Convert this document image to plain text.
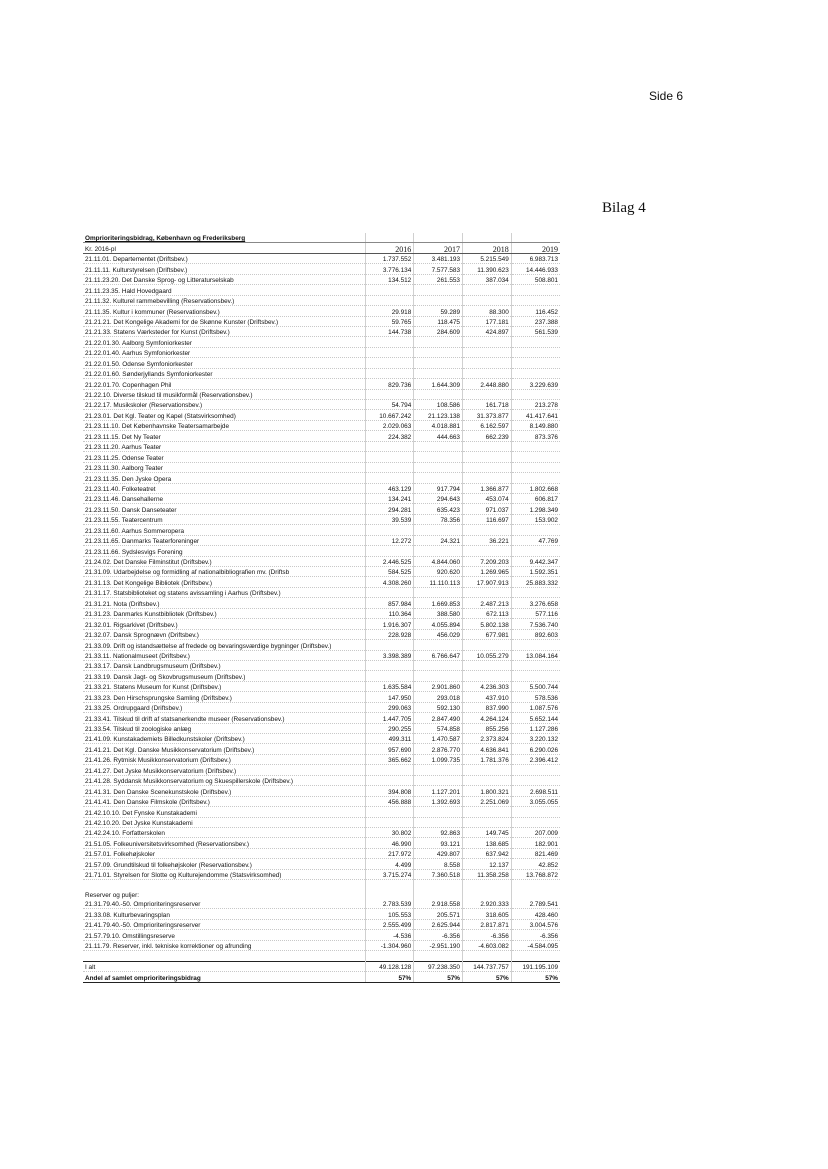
Side 6
Bilag 4
Omprioriteringsbidrag, København og Frederiksberg				
Kr. 2016-pl	2016	2017	2018	2019
21.11.01. Departementet (Driftsbev.)	1.737.552	3.481.193	5.215.549	6.983.713
21.11.11. Kulturstyrelsen (Driftsbev.)	3.776.134	7.577.583	11.390.623	14.446.933
21.11.23.20. Det Danske Sprog- og Litteraturselskab	134.512	261.553	387.034	508.801
21.11.23.35. Hald Hovedgaard				
21.11.32. Kulturel rammebevilling (Reservationsbev.)				
21.11.35. Kultur i kommuner (Reservationsbev.)	29.918	59.289	88.300	116.452
21.21.21. Det Kongelige Akademi for de Skønne Kunster (Driftsbev.)	59.765	118.475	177.181	237.388
21.21.33. Statens Værksteder for Kunst (Driftsbev.)	144.738	284.609	424.897	561.539
21.22.01.30. Aalborg Symfoniorkester				
21.22.01.40. Aarhus Symfoniorkester				
21.22.01.50. Odense Symfoniorkester				
21.22.01.60. Sønderjyllands Symfoniorkester				
21.22.01.70. Copenhagen Phil	829.736	1.644.309	2.448.880	3.229.639
21.22.10. Diverse tilskud til musikformål (Reservationsbev.)				
21.22.17. Musikskoler (Reservationsbev.)	54.794	108.586	161.718	213.278
21.23.01. Det Kgl. Teater og Kapel (Statsvirksomhed)	10.667.242	21.123.138	31.373.877	41.417.641
21.23.11.10. Det Københavnske Teatersamarbejde	2.029.063	4.018.881	6.162.597	8.149.880
21.23.11.15. Det Ny Teater	224.382	444.663	662.239	873.376
21.23.11.20. Aarhus Teater				
21.23.11.25. Odense Teater				
21.23.11.30. Aalborg Teater				
21.23.11.35. Den Jyske Opera				
21.23.11.40. Folketeatret	463.129	917.794	1.366.877	1.802.668
21.23.11.46. Dansehallerne	134.241	294.643	453.074	606.817
21.23.11.50. Dansk Danseteater	294.281	635.423	971.037	1.298.349
21.23.11.55. Teatercentrum	39.539	78.356	116.697	153.902
21.23.11.60. Aarhus Sommeropera				
21.23.11.65. Danmarks Teaterforeninger	12.272	24.321	36.221	47.769
21.23.11.66. Sydslesvigs Forening				
21.24.02. Det Danske Filminstitut (Driftsbev.)	2.446.525	4.844.060	7.209.203	9.442.347
21.31.09. Udarbejdelse og formidling af nationalbibliografien mv. (Driftsb	584.525	920.620	1.269.965	1.592.351
21.31.13. Det Kongelige Bibliotek (Driftsbev.)	4.308.260	11.110.113	17.907.913	25.883.332
21.31.17. Statsbiblioteket og statens avissamling i Aarhus (Driftsbev.)				
21.31.21. Nota (Driftsbev.)	857.984	1.669.853	2.487.213	3.276.658
21.31.23. Danmarks Kunstbibliotek (Driftsbev.)	110.364	388.580	672.113	577.116
21.32.01. Rigsarkivet (Driftsbev.)	1.916.307	4.055.894	5.802.138	7.536.740
21.32.07. Dansk Sprognævn (Driftsbev.)	228.928	456.029	677.981	892.603
21.33.09. Drift og istandsættelse af fredede og bevaringsværdige bygninger (Driftsbev.)				
21.33.11. Nationalmuseet (Driftsbev.)	3.398.389	6.766.647	10.055.279	13.084.164
21.33.17. Dansk Landbrugsmuseum (Driftsbev.)				
21.33.19. Dansk Jagt- og Skovbrugsmuseum (Driftsbev.)				
21.33.21. Statens Museum for Kunst (Driftsbev.)	1.635.584	2.901.860	4.236.303	5.500.744
21.33.23. Den Hirschsprungske Samling (Driftsbev.)	147.950	293.018	437.910	578.536
21.33.25. Ordrupgaard (Driftsbev.)	299.063	592.130	837.990	1.087.576
21.33.41. Tilskud til drift af statsanerkendte museer (Reservationsbev.)	1.447.705	2.847.490	4.264.124	5.652.144
21.33.54. Tilskud til zoologiske anlæg	290.255	574.858	855.256	1.127.286
21.41.09. Kunstakademiets Billedkunstskoler (Driftsbev.)	499.311	1.470.587	2.373.824	3.220.132
21.41.21. Det Kgl. Danske Musikkonservatorium (Driftsbev.)	957.690	2.876.770	4.636.841	6.290.026
21.41.26. Rytmisk Musikkonservatorium (Driftsbev.)	365.662	1.099.735	1.781.376	2.396.412
21.41.27. Det Jyske Musikkonservatorium (Driftsbev.)				
21.41.28. Syddansk Musikkonservatorium og Skuespillerskole (Driftsbev.)				
21.41.31. Den Danske Scenekunstskole (Driftsbev.)	394.808	1.127.201	1.800.321	2.698.511
21.41.41. Den Danske Filmskole (Driftsbev.)	456.888	1.392.693	2.251.069	3.055.055
21.42.10.10. Det Fynske Kunstakademi				
21.42.10.20. Det Jyske Kunstakademi				
21.42.24.10. Forfatterskolen	30.802	92.863	149.745	207.009
21.51.05. Folkeuniversitetsvirksomhed (Reservationsbev.)	46.990	93.121	138.685	182.901
21.57.01. Folkehøjskoler	217.972	429.807	637.942	821.469
21.57.09. Grundtilskud til folkehøjskoler (Reservationsbev.)	4.499	8.558	12.137	42.852
21.71.01. Styrelsen for Slotte og Kulturejendomme (Statsvirksomhed)	3.715.274	7.360.518	11.358.258	13.768.872

Reserver og puljer:				
21.31.79.40.-50. Omprioriteringsreserver	2.783.539	2.918.558	2.920.333	2.789.541
21.33.08. Kulturbevaringsplan	105.553	205.571	318.605	428.460
21.41.79.40.-50. Omprioriteringsreserver	2.555.499	2.625.944	2.817.871	3.004.576
21.57.79.10. Omstillingsreserve	-4.536	-6.356	-6.356	-6.356
21.11.79. Reserver, inkl. tekniske korrektioner og afrunding	-1.304.960	-2.951.190	-4.603.082	-4.584.095

I alt	49.128.128	97.238.350	144.737.757	191.195.109
Andel af samlet omprioriteringsbidrag	57%	57%	57%	57%
